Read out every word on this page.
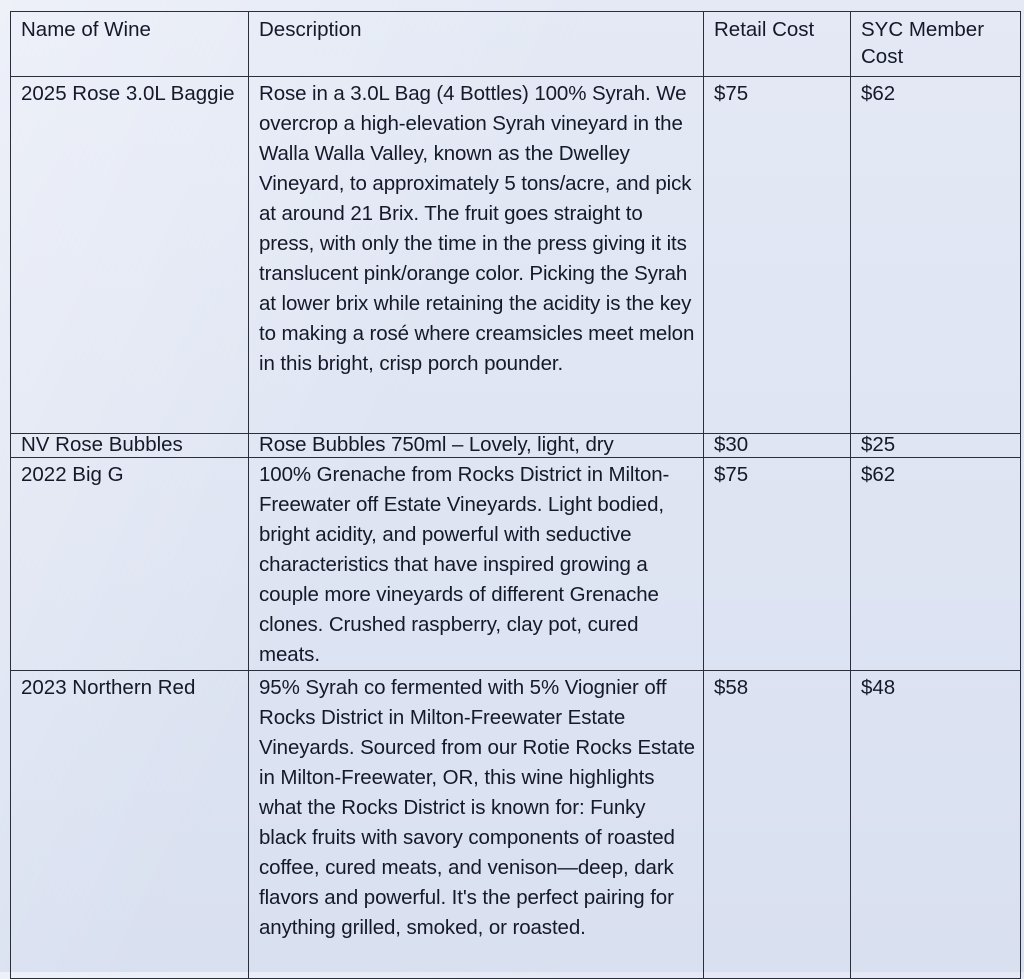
Name of Wine	Description	Retail Cost	SYC Member Cost

2025 Rose 3.0L Baggie	Rose in a 3.0L Bag (4 Bottles) 100% Syrah. We overcrop a high-elevation Syrah vineyard in the Walla Walla Valley, known as the Dwelley Vineyard, to approximately 5 tons/acre, and pick at around 21 Brix. The fruit goes straight to press, with only the time in the press giving it its translucent pink/orange color. Picking the Syrah at lower brix while retaining the acidity is the key to making a rosé where creamsicles meet melon in this bright, crisp porch pounder.	$75	$62

NV Rose Bubbles	Rose Bubbles 750ml – Lovely, light, dry	$30	$25

2022 Big G	100% Grenache from Rocks District in Milton-Freewater off Estate Vineyards. Light bodied, bright acidity, and powerful with seductive characteristics that have inspired growing a couple more vineyards of different Grenache clones. Crushed raspberry, clay pot, cured meats.	$75	$62

2023 Northern Red	95% Syrah co fermented with 5% Viognier off Rocks District in Milton-Freewater Estate Vineyards. Sourced from our Rotie Rocks Estate in Milton-Freewater, OR, this wine highlights what the Rocks District is known for: Funky black fruits with savory components of roasted coffee, cured meats, and venison—deep, dark flavors and powerful. It's the perfect pairing for anything grilled, smoked, or roasted.	$58	$48
